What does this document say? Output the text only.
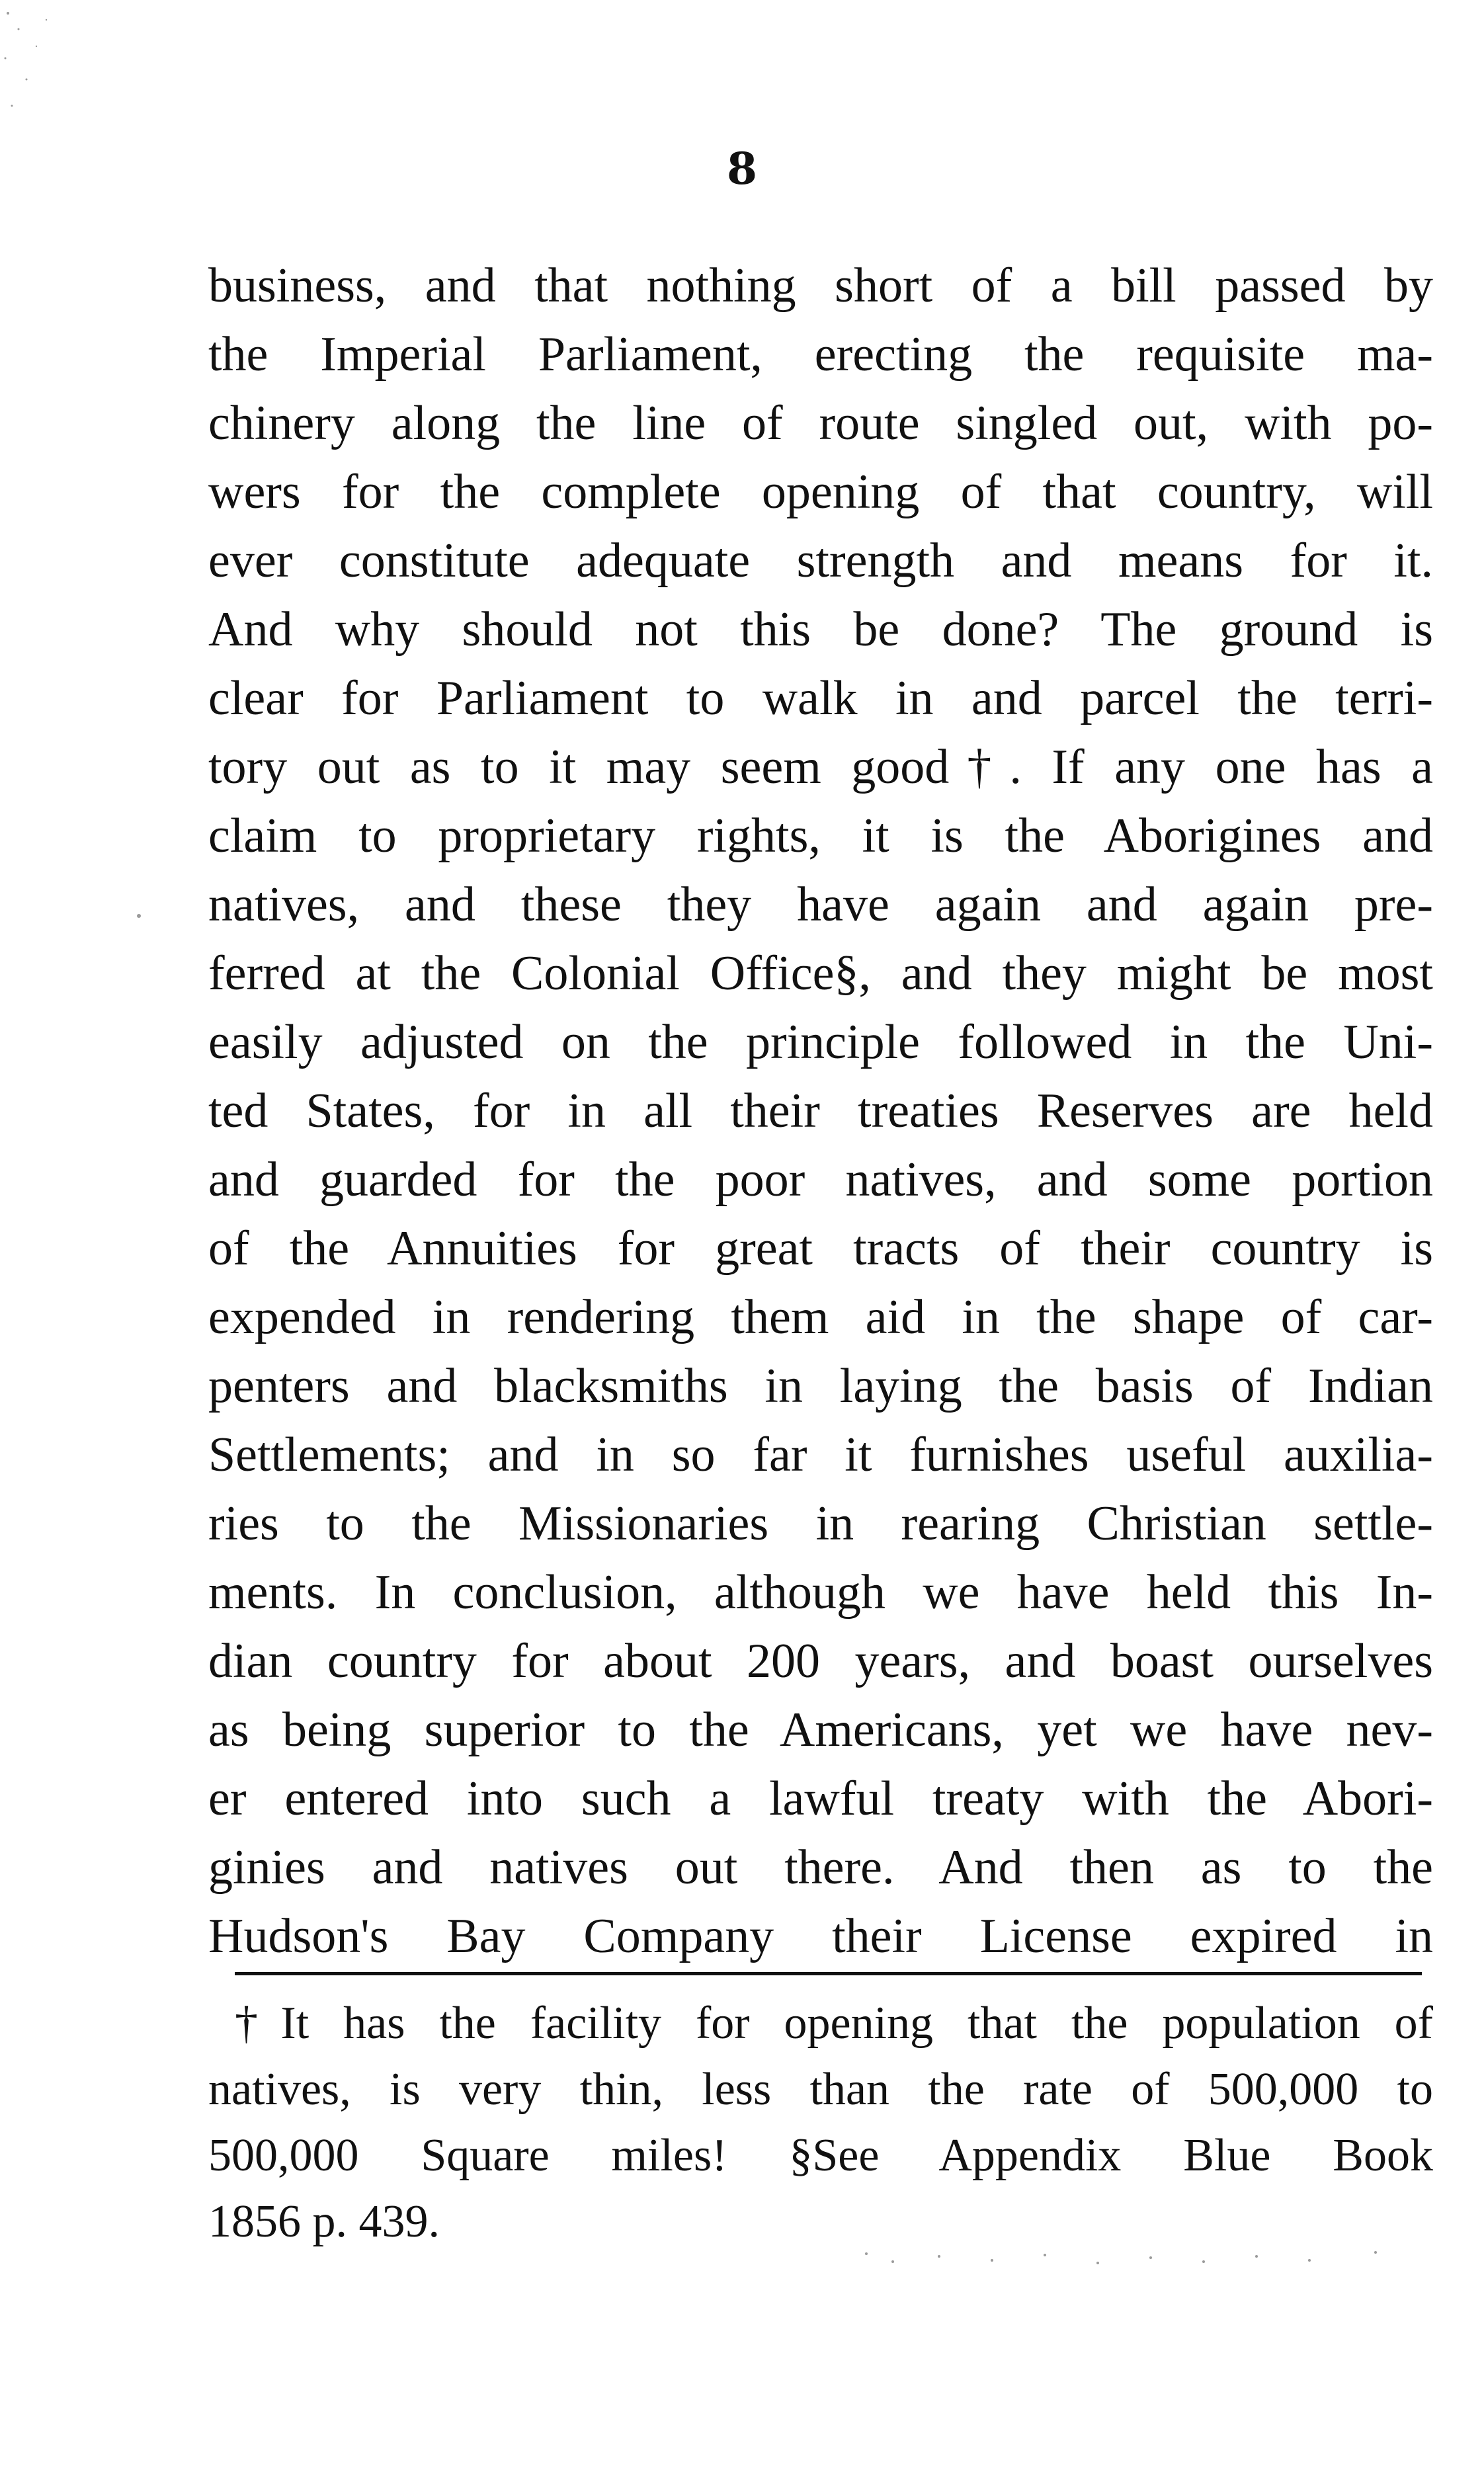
8
business, and that nothing short of a bill passed by
the Imperial Parliament, erecting the requisite ma-
chinery along the line of route singled out, with po-
wers for the complete opening of that country, will
ever constitute adequate strength and means for it.
And why should not this be done? The ground is
clear for Parliament to walk in and parcel the terri-
tory out as to it may seem good†. If any one has a
claim to proprietary rights, it is the Aborigines and
natives, and these they have again and again pre-
ferred at the Colonial Office§, and they might be most
easily adjusted on the principle followed in the Uni-
ted States, for in all their treaties Reserves are held
and guarded for the poor natives, and some portion
of the Annuities for great tracts of their country is
expended in rendering them aid in the shape of car-
penters and blacksmiths in laying the basis of Indian
Settlements; and in so far it furnishes useful auxilia-
ries to the Missionaries in rearing Christian settle-
ments. In conclusion, although we have held this In-
dian country for about 200 years, and boast ourselves
as being superior to the Americans, yet we have nev-
er entered into such a lawful treaty with the Abori-
ginies and natives out there. And then as to the
Hudson's Bay Company their License expired in
†It has the facility for opening that the population of
natives, is very thin, less than the rate of 500,000 to
500,000 Square miles! §See Appendix Blue Book
1856 p. 439.
